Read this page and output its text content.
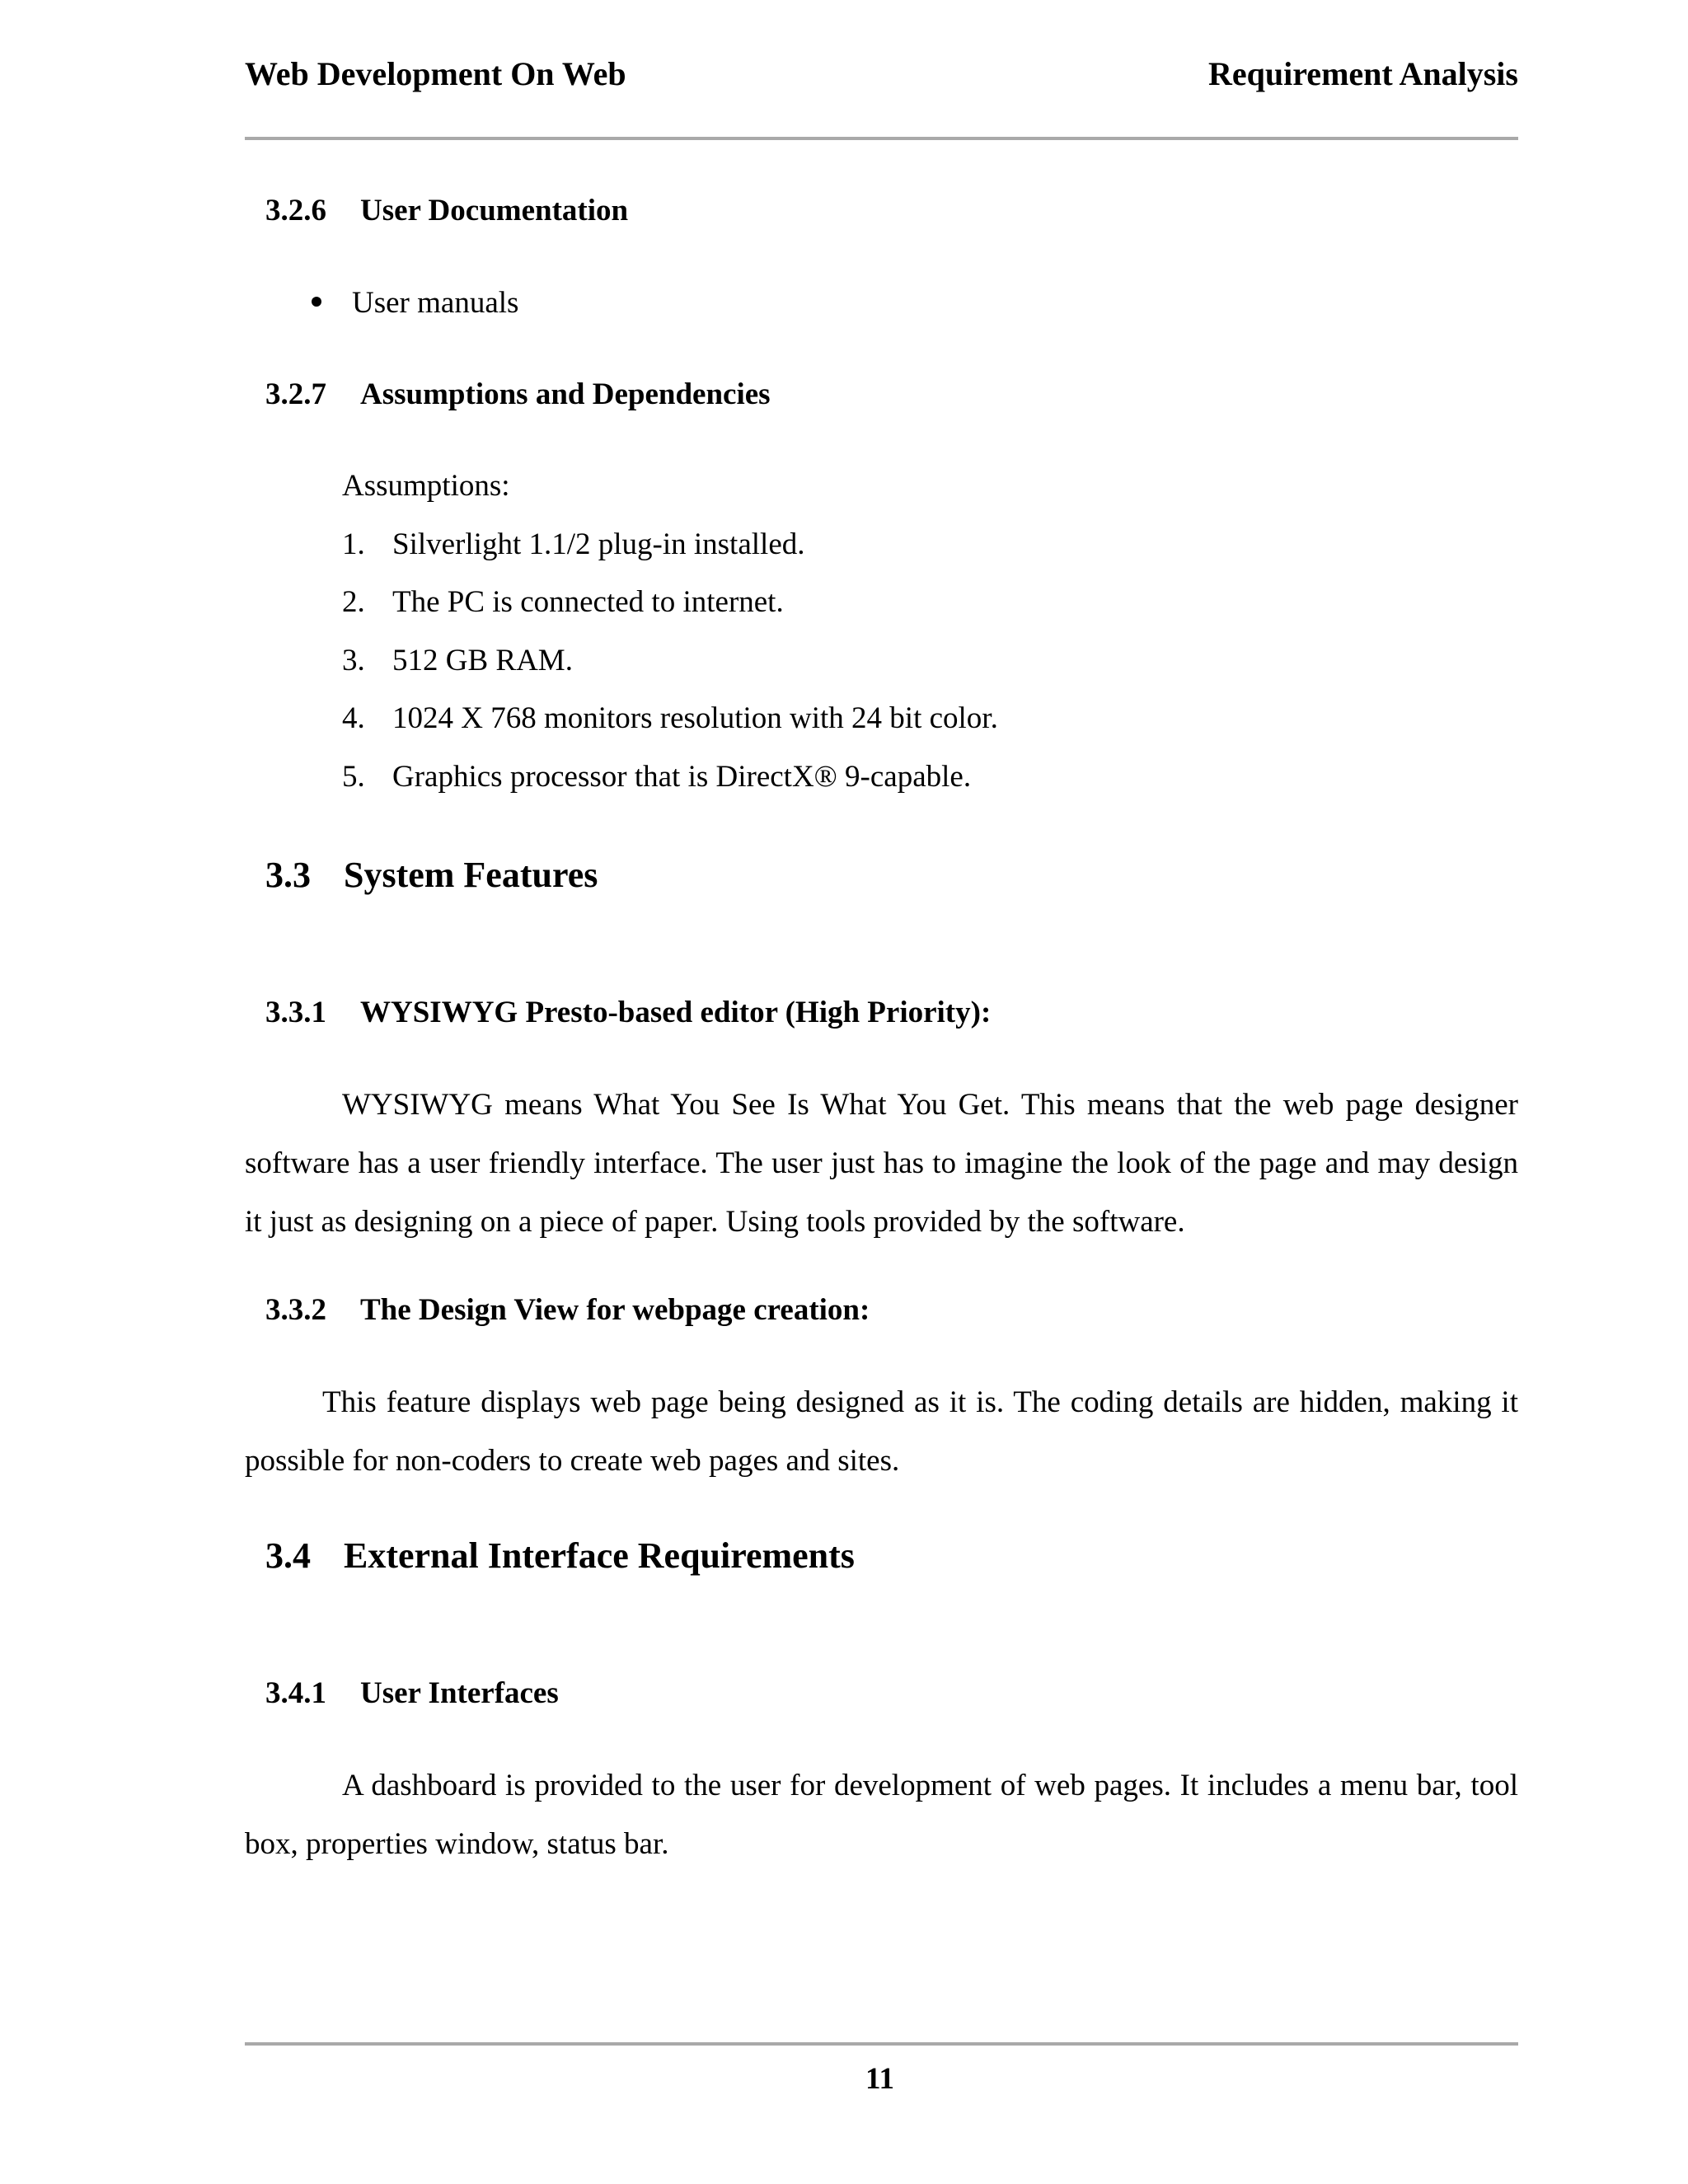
Web Development On Web	Requirement Analysis
3.2.6 User Documentation
User manuals
3.2.7 Assumptions and Dependencies
Assumptions:
1. Silverlight 1.1/2 plug-in installed.
2. The PC is connected to internet.
3. 512 GB RAM.
4. 1024 X 768 monitors resolution with 24 bit color.
5. Graphics processor that is DirectX® 9-capable.
3.3 System Features
3.3.1 WYSIWYG Presto-based editor (High Priority):

WYSIWYG means What You See Is What You Get. This means that the web page designer software has a user friendly interface. The user just has to imagine the look of the page and may design it just as designing on a piece of paper. Using tools provided by the software.

3.3.2 The Design View for webpage creation:

This feature displays web page being designed as it is. The coding details are hidden, making it possible for non-coders to create web pages and sites.

3.4 External Interface Requirements
3.4.1 User Interfaces

A dashboard is provided to the user for development of web pages. It includes a menu bar, tool box, properties window, status bar.

11
